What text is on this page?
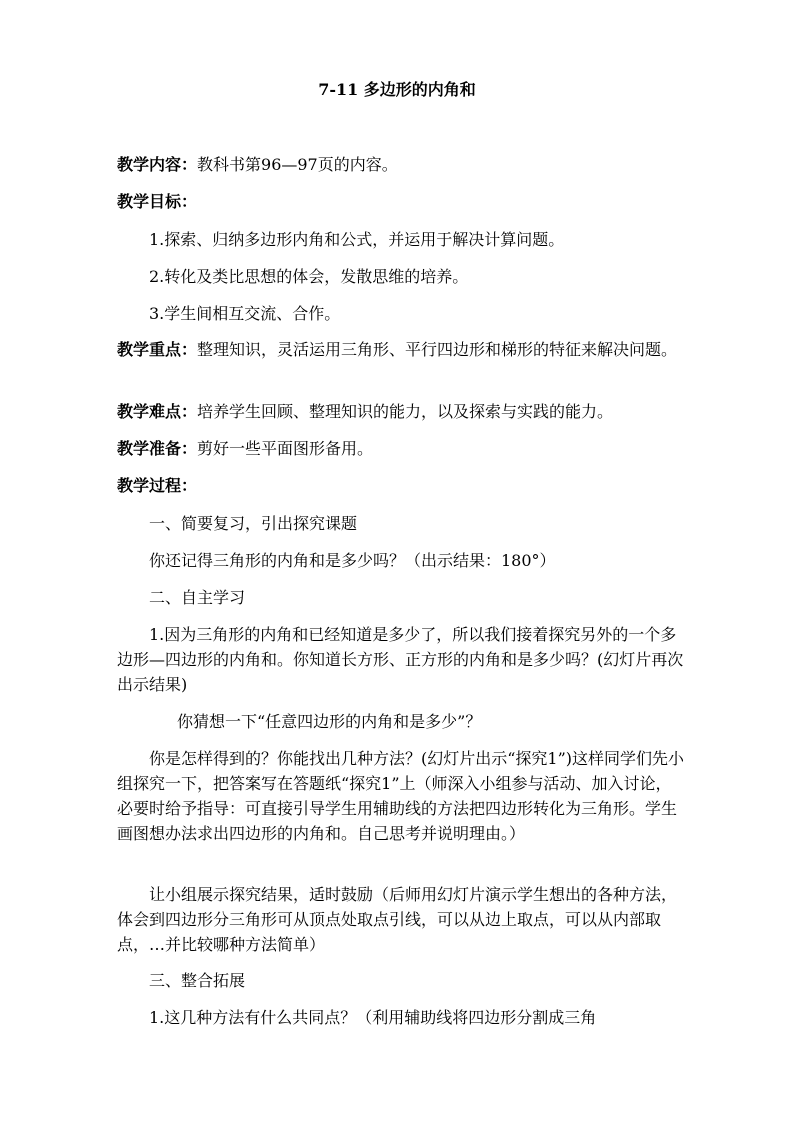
7-11 多边形的内角和
教学内容：教科书第96—97页的内容。
教学目标：
1.探索、归纳多边形内角和公式，并运用于解决计算问题。
2.转化及类比思想的体会，发散思维的培养。
3.学生间相互交流、合作。
教学重点：整理知识，灵活运用三角形、平行四边形和梯形的特征来解决问题。
教学难点：培养学生回顾、整理知识的能力，以及探索与实践的能力。
教学准备：剪好一些平面图形备用。
教学过程：
一、简要复习，引出探究课题
你还记得三角形的内角和是多少吗？（出示结果：180°）
二、自主学习
1.因为三角形的内角和已经知道是多少了，所以我们接着探究另外的一个多边形—四边形的内角和。你知道长方形、正方形的内角和是多少吗？(幻灯片再次出示结果)
你猜想一下“任意四边形的内角和是多少”？
你是怎样得到的？你能找出几种方法？(幻灯片出示“探究1”)这样同学们先小组探究一下，把答案写在答题纸“探究1”上（师深入小组参与活动、加入讨论，必要时给予指导：可直接引导学生用辅助线的方法把四边形转化为三角形。学生画图想办法求出四边形的内角和。自己思考并说明理由。）
让小组展示探究结果，适时鼓励（后师用幻灯片演示学生想出的各种方法，体会到四边形分三角形可从顶点处取点引线，可以从边上取点，可以从内部取点，…并比较哪种方法简单）
三、整合拓展
1.这几种方法有什么共同点？（利用辅助线将四边形分割成三角
